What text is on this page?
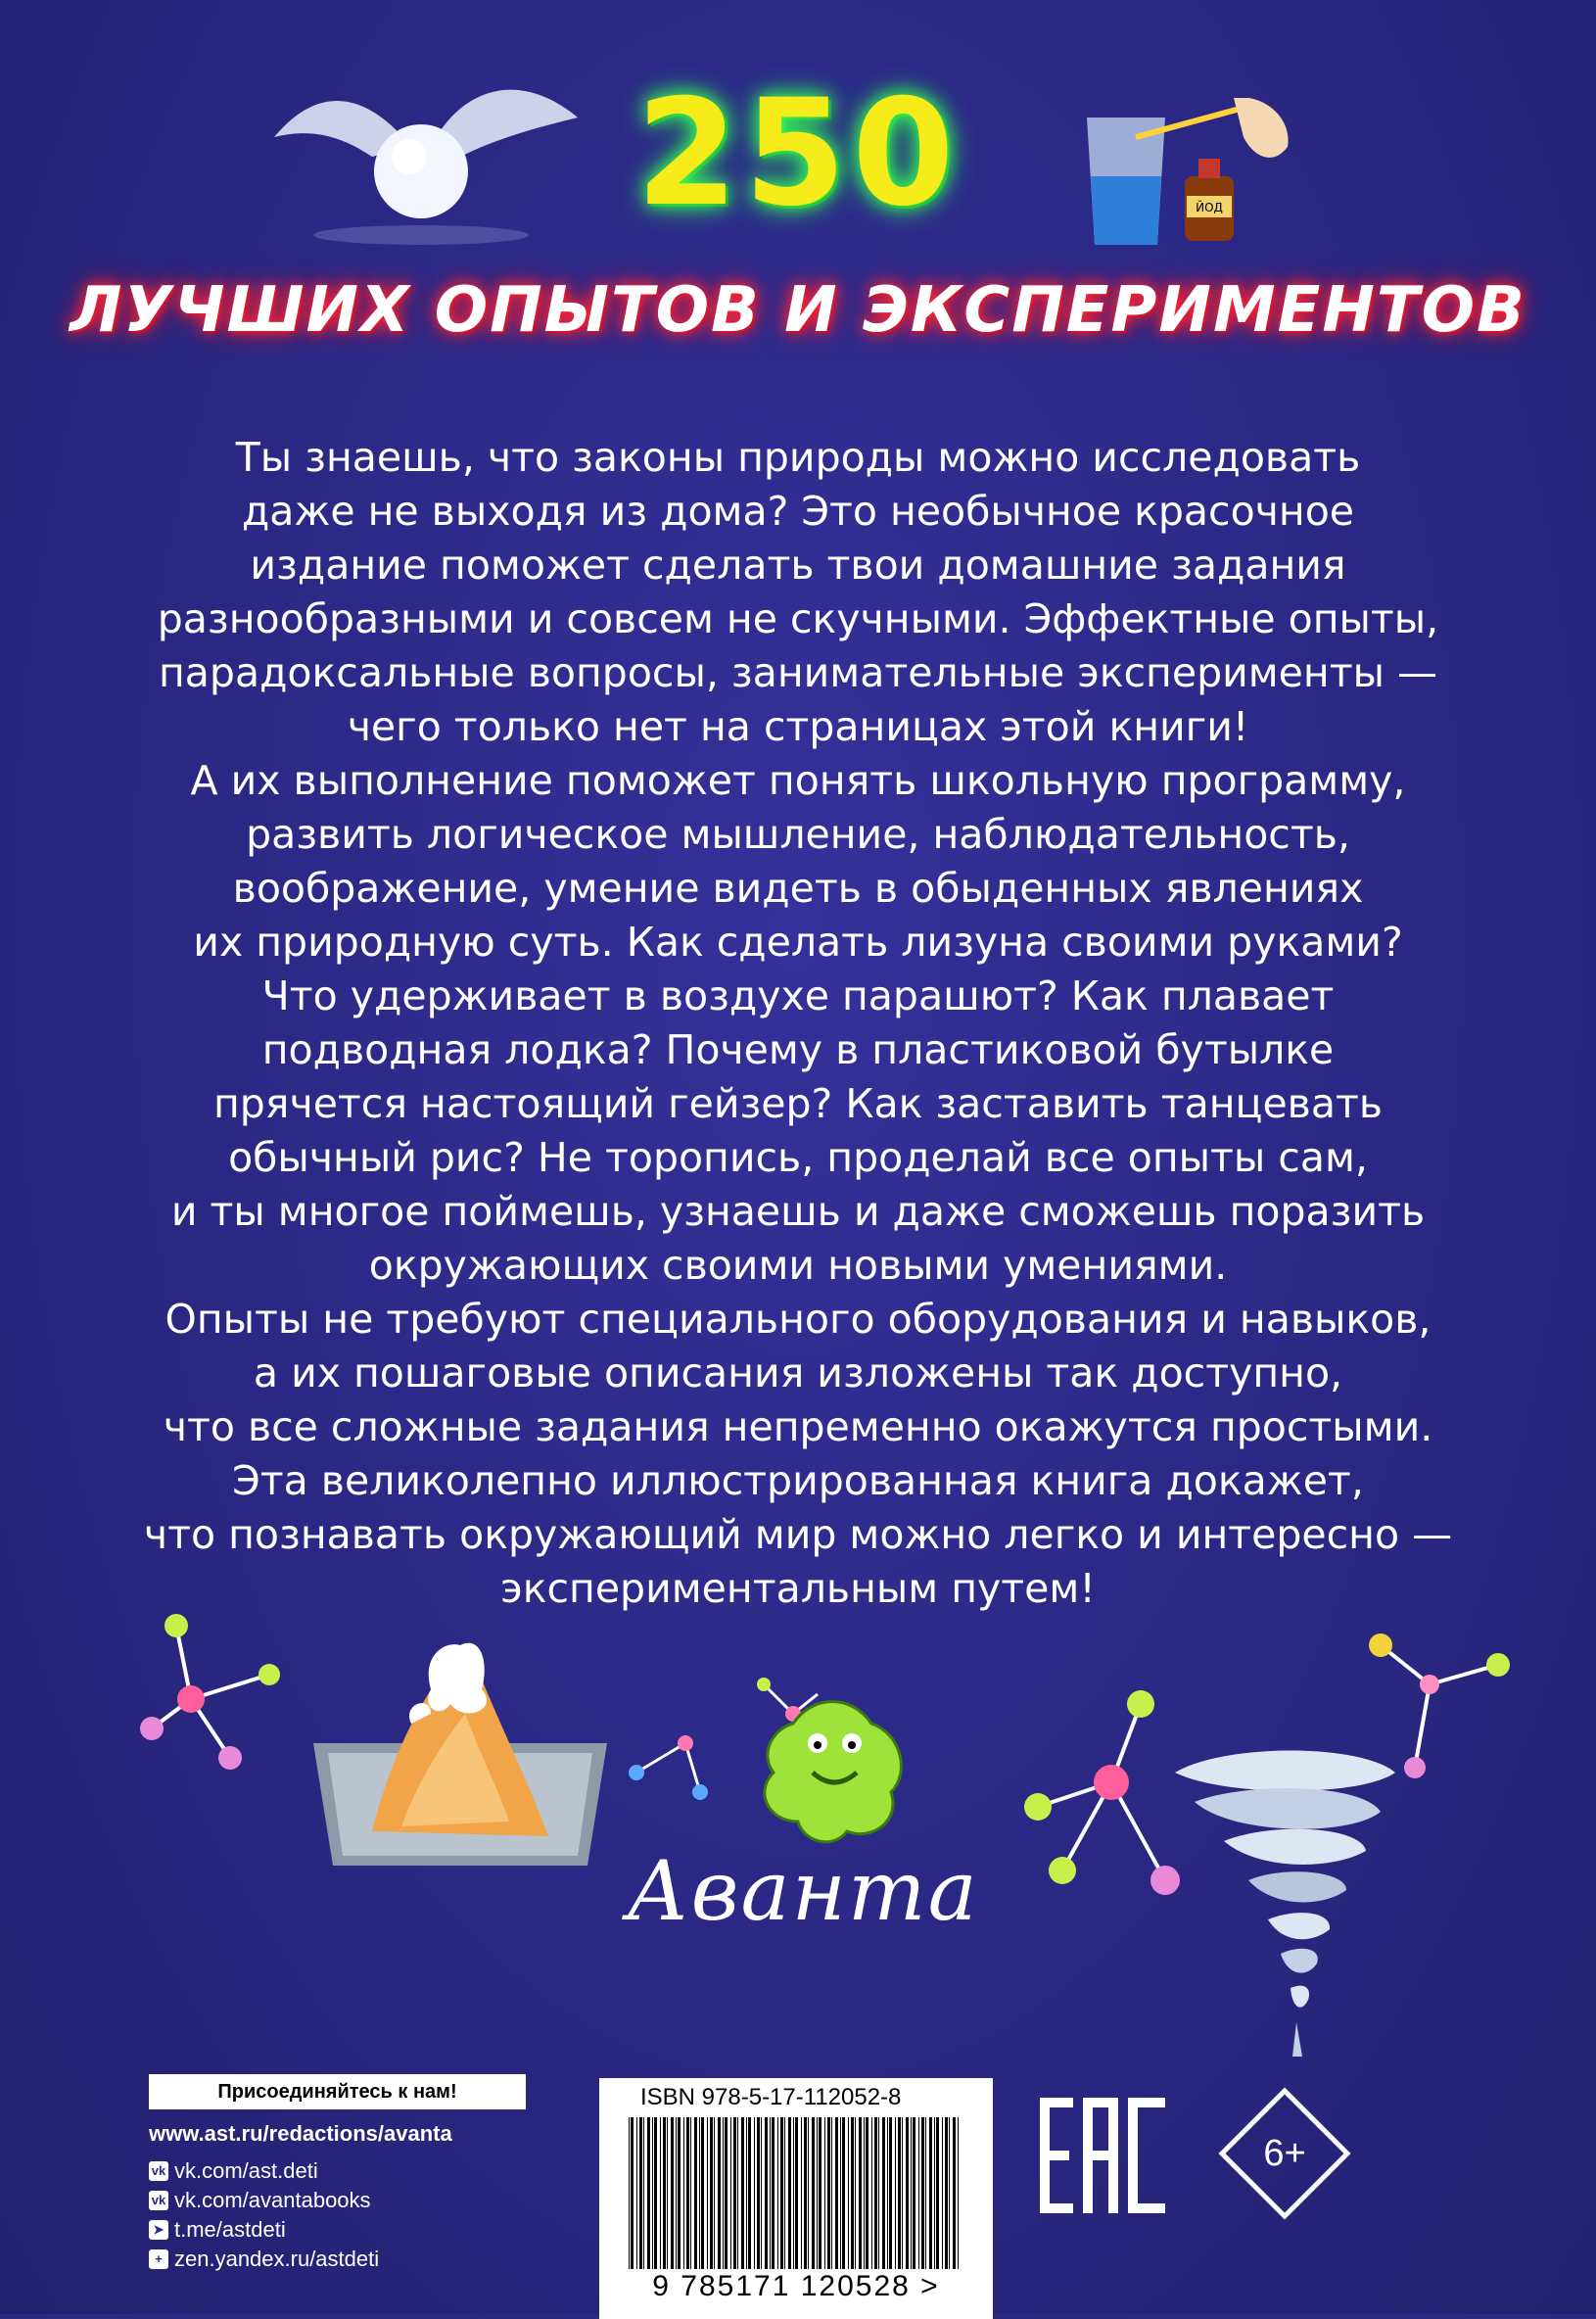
ЙОД
250
ЛУЧШИХ ОПЫТОВ И ЭКСПЕРИМЕНТОВ
Ты знаешь, что законы природы можно исследовать
даже не выходя из дома? Это необычное красочное
издание поможет сделать твои домашние задания
разнообразными и совсем не скучными. Эффектные опыты,
парадоксальные вопросы, занимательные эксперименты —
чего только нет на страницах этой книги!
А их выполнение поможет понять школьную программу,
развить логическое мышление, наблюдательность,
воображение, умение видеть в обыденных явлениях
их природную суть. Как сделать лизуна своими руками?
Что удерживает в воздухе парашют? Как плавает
подводная лодка? Почему в пластиковой бутылке
прячется настоящий гейзер? Как заставить танцевать
обычный рис? Не торопись, проделай все опыты сам,
и ты многое поймешь, узнаешь и даже сможешь поразить
окружающих своими новыми умениями.
Опыты не требуют специального оборудования и навыков,
а их пошаговые описания изложены так доступно,
что все сложные задания непременно окажутся простыми.
Эта великолепно иллюстрированная книга докажет,
что познавать окружающий мир можно легко и интересно —
экспериментальным путем!
Аванта
Присоединяйтесь к нам!
www.ast.ru/redactions/avanta
vk vk.com/ast.deti
vk vk.com/avantabooks
➤ t.me/astdeti
+ zen.yandex.ru/astdeti
ISBN 978-5-17-112052-8
9 785171 120528 >
6+
